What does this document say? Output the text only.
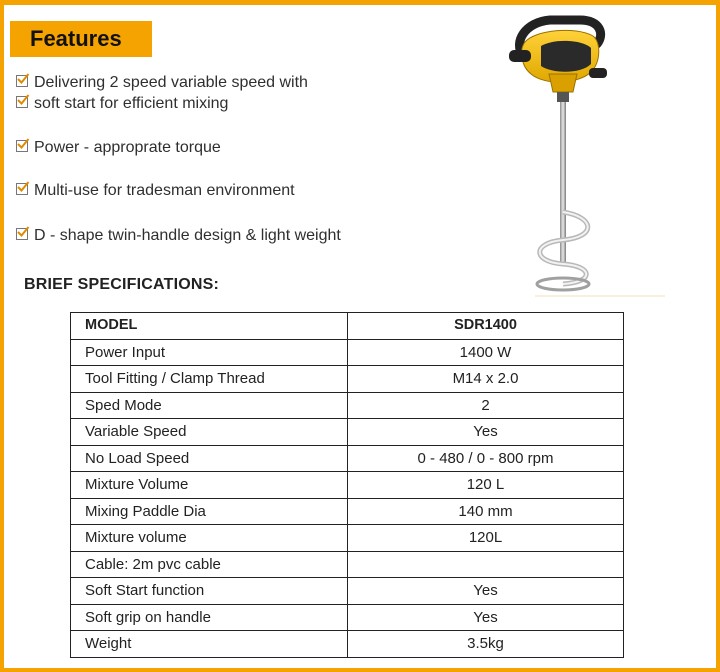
Features
Delivering 2 speed variable speed with
soft start for efficient mixing
Power - approprate torque
Multi-use for tradesman environment
D - shape twin-handle design & light weight
BRIEF SPECIFICATIONS:
MODEL	SDR1400
Power Input	1400 W
Tool Fitting / Clamp Thread	M14 x 2.0
Sped Mode	2
Variable Speed	Yes
No Load Speed	0 - 480 / 0 - 800 rpm
Mixture Volume	120 L
Mixing Paddle Dia	140 mm
Mixture volume	120L
Cable: 2m pvc cable	
Soft Start function	Yes
Soft grip on handle	Yes
Weight	3.5kg
